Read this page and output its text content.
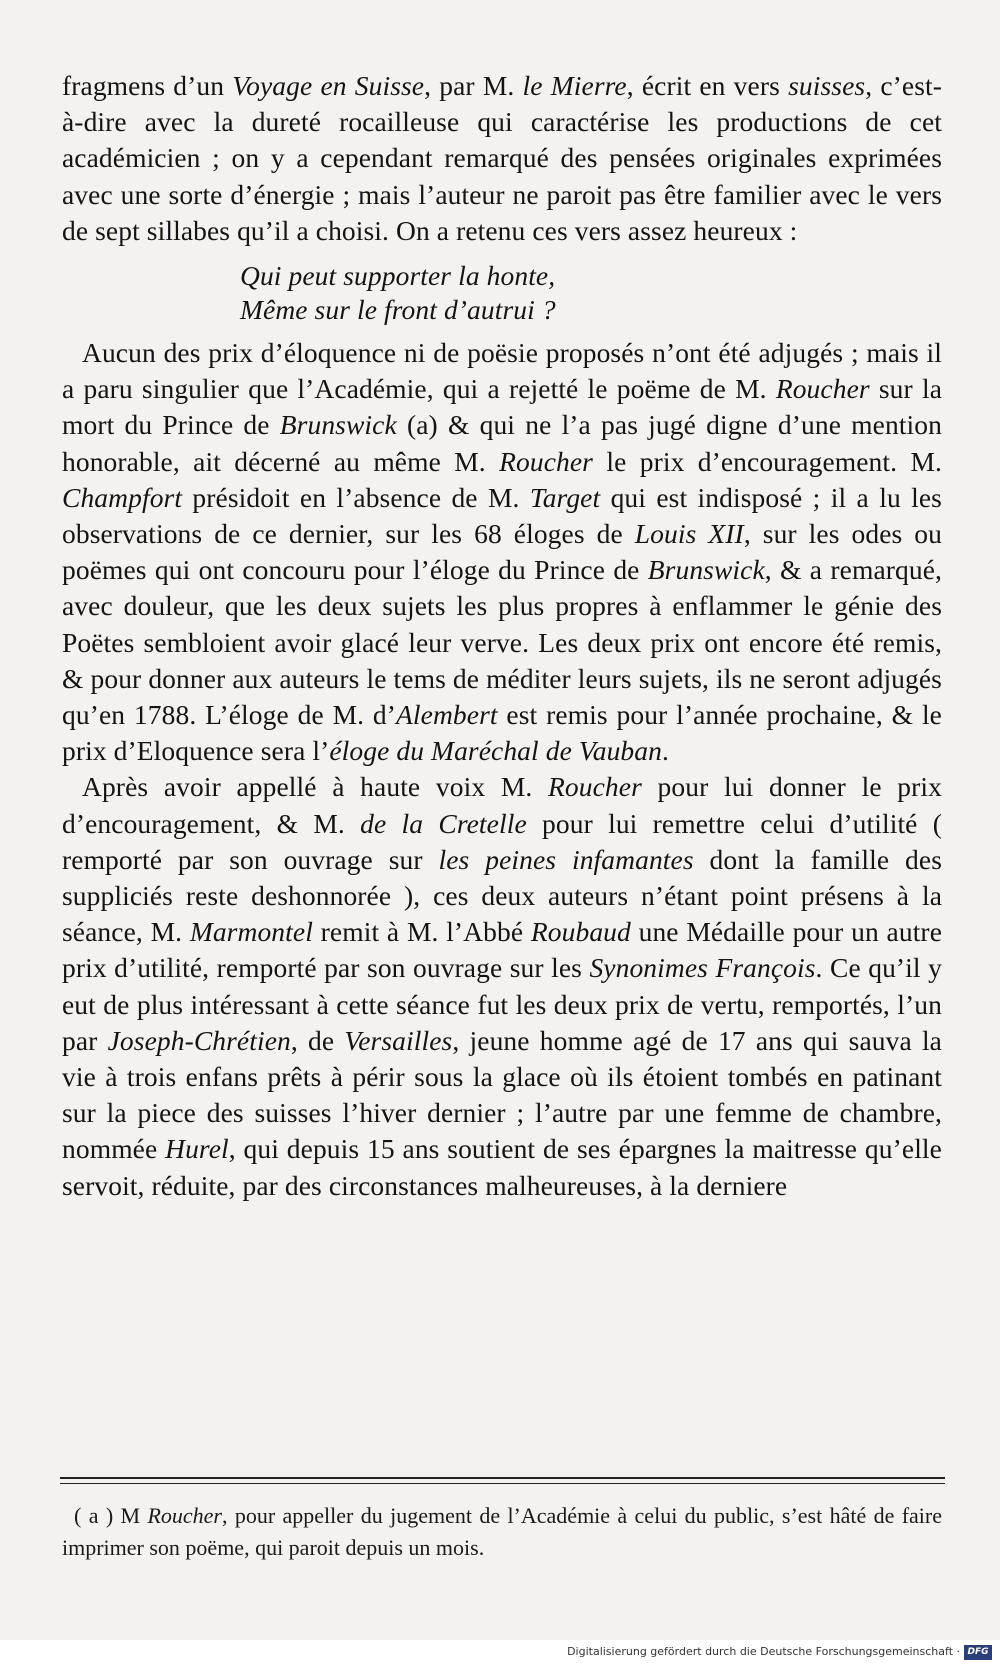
fragmens d’un Voyage en Suisse, par M. le Mierre, écrit en vers suisses, c’est-à-dire avec la dureté rocailleuse qui caractérise les productions de cet académicien ; on y a cependant remarqué des pensées originales exprimées avec une sorte d’énergie ; mais l’auteur ne paroit pas être familier avec le vers de sept sillabes qu’il a choisi. On a retenu ces vers assez heureux :

Qui peut supporter la honte,
Même sur le front d’autrui ?

Aucun des prix d’éloquence ni de poësie proposés n’ont été adjugés ; mais il a paru singulier que l’Académie, qui a rejetté le poëme de M. Roucher sur la mort du Prince de Brunswick (a) & qui ne l’a pas jugé digne d’une mention honorable, ait décerné au même M. Roucher le prix d’encouragement. M. Champfort présidoit en l’absence de M. Target qui est indisposé ; il a lu les observations de ce dernier, sur les 68 éloges de Louis XII, sur les odes ou poëmes qui ont concouru pour l’éloge du Prince de Brunswick, & a remarqué, avec douleur, que les deux sujets les plus propres à enflammer le génie des Poëtes sembloient avoir glacé leur verve. Les deux prix ont encore été remis, & pour donner aux auteurs le tems de méditer leurs sujets, ils ne seront adjugés qu’en 1788. L’éloge de M. d’Alembert est remis pour l’année prochaine, & le prix d’Eloquence sera l’éloge du Maréchal de Vauban.

Après avoir appellé à haute voix M. Roucher pour lui donner le prix d’encouragement, & M. de la Cretelle pour lui remettre celui d’utilité ( remporté par son ouvrage sur les peines infamantes dont la famille des suppliciés reste deshonnorée ), ces deux auteurs n’étant point présens à la séance, M. Marmontel remit à M. l’Abbé Roubaud une Médaille pour un autre prix d’utilité, remporté par son ouvrage sur les Synonimes François. Ce qu’il y eut de plus intéressant à cette séance fut les deux prix de vertu, remportés, l’un par Joseph-Chrétien, de Versailles, jeune homme agé de 17 ans qui sauva la vie à trois enfans prêts à périr sous la glace où ils étoient tombés en patinant sur la piece des suisses l’hiver dernier ; l’autre par une femme de chambre, nommée Hurel, qui depuis 15 ans soutient de ses épargnes la maitresse qu’elle servoit, réduite, par des circonstances malheureuses, à la derniere

( a ) M Roucher, pour appeller du jugement de l’Académie à celui du public, s’est hâté de faire imprimer son poëme, qui paroit depuis un mois.

Digitalisierung gefördert durch die Deutsche Forschungsgemeinschaft · DFG
